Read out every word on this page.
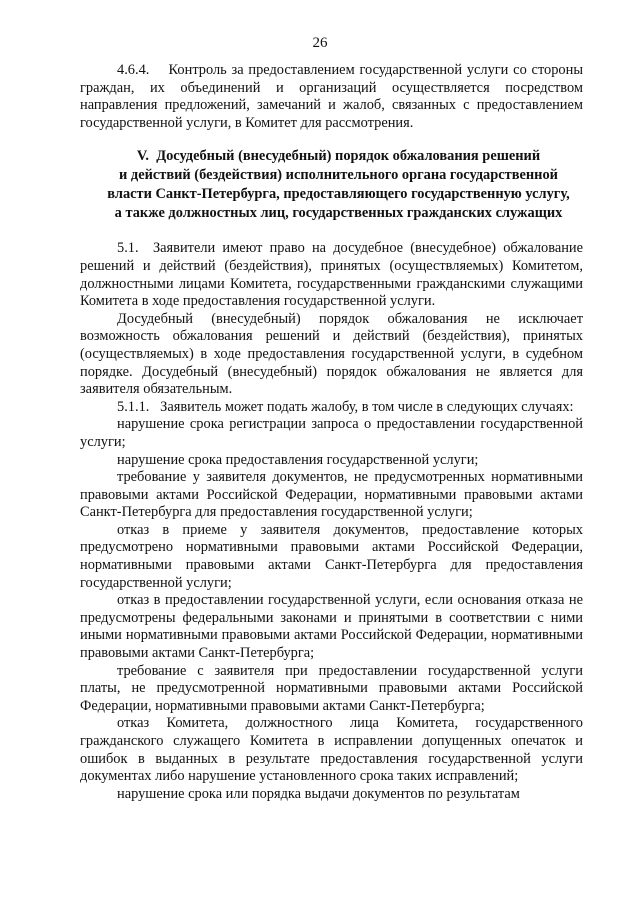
26

4.6.4.    Контроль за предоставлением государственной услуги со стороны граждан, их объединений и организаций осуществляется посредством направления предложений, замечаний и жалоб, связанных с предоставлением государственной услуги, в Комитет для рассмотрения.

V.  Досудебный (внесудебный) порядок обжалования решений
и действий (бездействия) исполнительного органа государственной
власти Санкт-Петербурга, предоставляющего государственную услугу,
а также должностных лиц, государственных гражданских служащих

5.1.  Заявители имеют право на досудебное (внесудебное) обжалование решений и действий (бездействия), принятых (осуществляемых) Комитетом, должностными лицами Комитета, государственными гражданскими служащими Комитета в ходе предоставления государственной услуги.

Досудебный (внесудебный) порядок обжалования не исключает возможность обжалования решений и действий (бездействия), принятых (осуществляемых) в ходе предоставления государственной услуги, в судебном порядке. Досудебный (внесудебный) порядок обжалования не является для заявителя обязательным.

5.1.1.   Заявитель может подать жалобу, в том числе в следующих случаях:

нарушение срока регистрации запроса о предоставлении государственной услуги;

нарушение срока предоставления государственной услуги;

требование у заявителя документов, не предусмотренных нормативными правовыми актами Российской Федерации, нормативными правовыми актами Санкт-Петербурга для предоставления государственной услуги;

отказ в приеме у заявителя документов, предоставление которых предусмотрено нормативными правовыми актами Российской Федерации, нормативными правовыми актами Санкт-Петербурга для предоставления государственной услуги;

отказ в предоставлении государственной услуги, если основания отказа не предусмотрены федеральными законами и принятыми в соответствии с ними иными нормативными правовыми актами Российской Федерации, нормативными правовыми актами Санкт-Петербурга;

требование с заявителя при предоставлении государственной услуги платы, не предусмотренной нормативными правовыми актами Российской Федерации, нормативными правовыми актами Санкт-Петербурга;

отказ Комитета, должностного лица Комитета, государственного гражданского служащего Комитета в исправлении допущенных опечаток и ошибок в выданных в результате предоставления государственной услуги документах либо нарушение установленного срока таких исправлений;

нарушение срока или порядка выдачи документов по результатам
